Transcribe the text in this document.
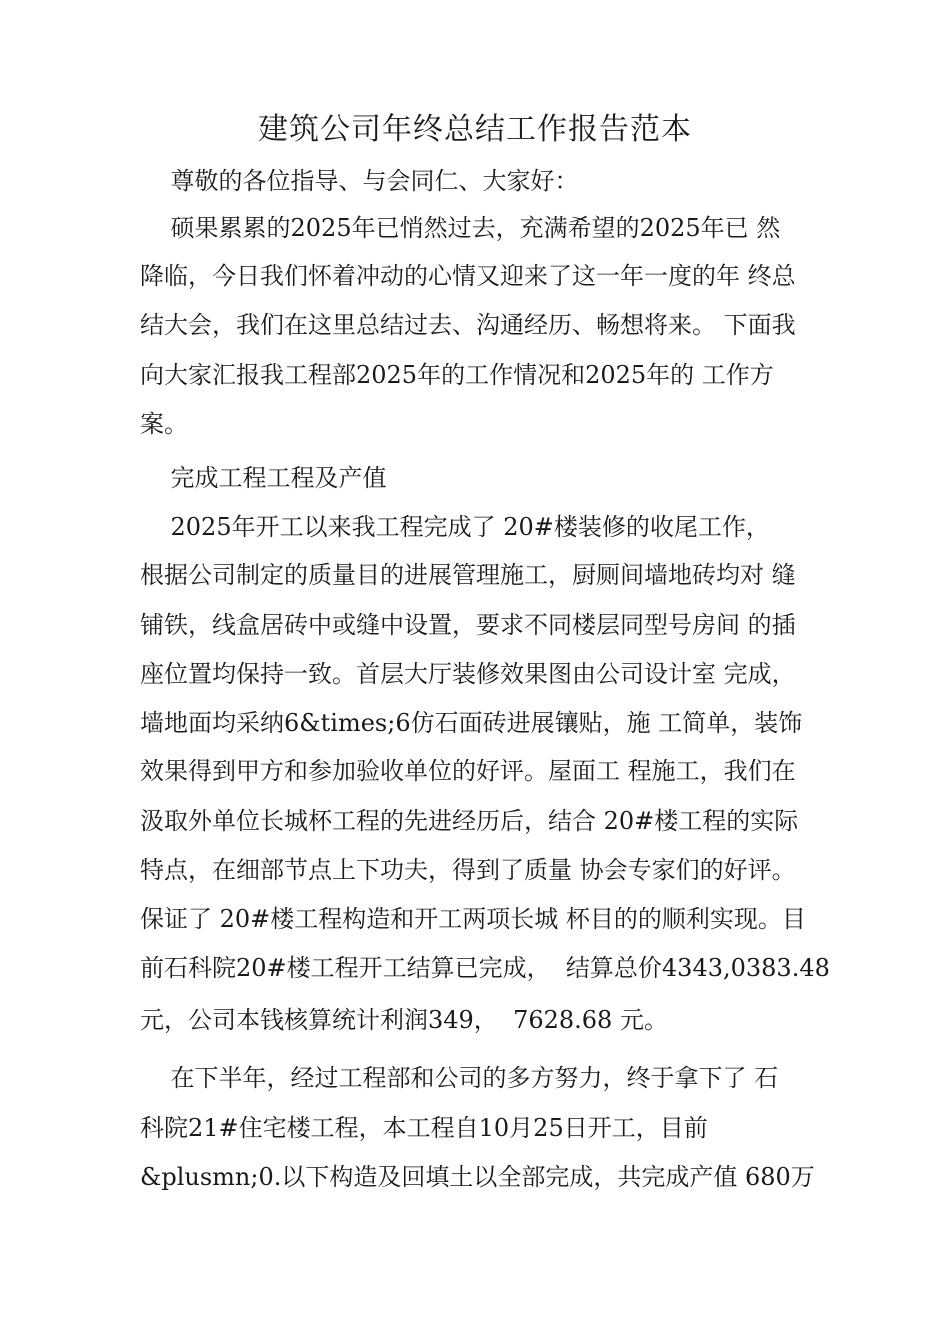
建筑公司年终总结工作报告范本
尊敬的各位指导、与会同仁、大家好：
硕果累累的2025年已悄然过去，充满希望的2025年已 然
降临，今日我们怀着冲动的心情又迎来了这一年一度的年 终总
结大会，我们在这里总结过去、沟通经历、畅想将来。 下面我
向大家汇报我工程部2025年的工作情况和2025年的 工作方
案。
完成工程工程及产值
2025年开工以来我工程完成了 20#楼装修的收尾工作，
根据公司制定的质量目的进展管理施工，厨厕间墙地砖均对 缝
铺铁，线盒居砖中或缝中设置，要求不同楼层同型号房间 的插
座位置均保持一致。首层大厅装修效果图由公司设计室 完成，
墙地面均采纳6&times;6仿石面砖进展镶贴，施 工简单，装饰
效果得到甲方和参加验收单位的好评。屋面工 程施工，我们在
汲取外单位长城杯工程的先进经历后，结合 20#楼工程的实际
特点，在细部节点上下功夫，得到了质量 协会专家们的好评。
保证了 20#楼工程构造和开工两项长城 杯目的的顺利实现。目
前石科院20#楼工程开工结算已完成，  结算总价4343,0383.48
元，公司本钱核算统计利润349，  7628.68 元。
在下半年，经过工程部和公司的多方努力，终于拿下了 石
科院21#住宅楼工程，本工程自10月25日开工，目前
&plusmn;0.以下构造及回填土以全部完成，共完成产值 680万
